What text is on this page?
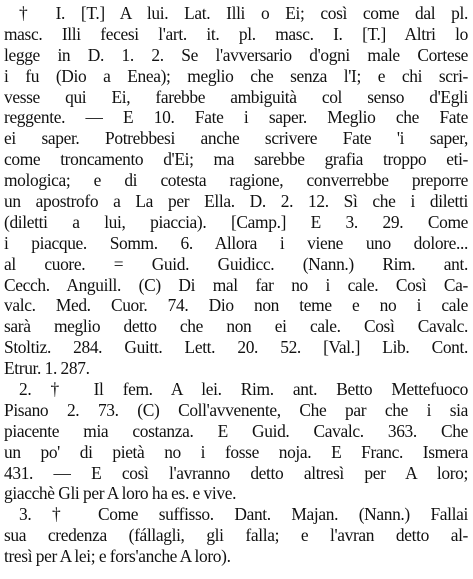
† I. [T.] A lui. Lat. Illi o Ei; così come dal pl.
masc. Illi fecesi l'art. it. pl. masc. I. [T.] Altri lo
legge in D. 1. 2. Se l'avversario d'ogni male Cortese
i fu (Dio a Enea); meglio che senza l'I; e chi scri-
vesse qui Ei, farebbe ambiguità col senso d'Egli
reggente. — E 10. Fate i saper. Meglio che Fate
ei saper. Potrebbesi anche scrivere Fate 'i saper,
come troncamento d'Ei; ma sarebbe grafia troppo eti-
mologica; e di cotesta ragione, converrebbe preporre
un apostrofo a La per Ella. D. 2. 12. Sì che i diletti
(diletti a lui, piaccia). [Camp.] E 3. 29. Come
i piacque. Somm. 6. Allora i viene uno dolore...
al cuore. = Guid. Guidicc. (Nann.) Rim. ant.
Cecch. Anguill. (C) Di mal far no i cale. Così Ca-
valc. Med. Cuor. 74. Dio non teme e no i cale
sarà meglio detto che non ei cale. Così Cavalc.
Stoltiz. 284. Guitt. Lett. 20. 52. [Val.] Lib. Cont.
Etrur. 1. 287.

2. † Il fem. A lei. Rim. ant. Betto Mettefuoco
Pisano 2. 73. (C) Coll'avvenente, Che par che i sia
piacente mia costanza. E Guid. Cavalc. 363. Che
un po' di pietà no i fosse noja. E Franc. Ismera
431. — E così l'avranno detto altresì per A loro;
giacchè Gli per A loro ha es. e vive.

3. † Come suffisso. Dant. Majan. (Nann.) Fallai
sua credenza (fállagli, gli falla; e l'avran detto al-
tresì per A lei; e fors'anche A loro).
